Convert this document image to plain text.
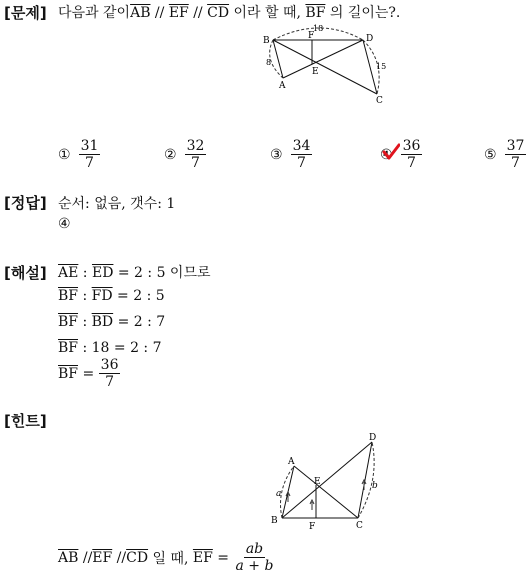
[문제] 다음과 같이$\overline{AB} // \overline{EF} // \overline{CD}$ 이라 할 때, $\overline{BF}$ 의 길이는?.
B	F	D
E
A
C
18
8	15
① $\frac{31}{7}$	② $\frac{32}{7}$	③ $\frac{34}{7}$	④ $\frac{36}{7}$	⑤ $\frac{37}{7}$
[정답] 순서: 없음, 갯수: 1
④
[해설] $\overline{AE}$ : $\overline{ED} = 2$ : 5 이므로
$\overline{BF}$ : $\overline{FD} = 2$ : 5
$\overline{BF}$ : $\overline{BD} = 2$ : 7
$\overline{BF}$ : 18 = 2 : 7
$\overline{BF} = \frac{36}{7}$
[힌트]
A
B
E
F	C
D
a
b
$\overline{AB} // \overline{EF} // \overline{CD}$ 일 때, $\overline{EF} = \frac{ab}{a + b}$
